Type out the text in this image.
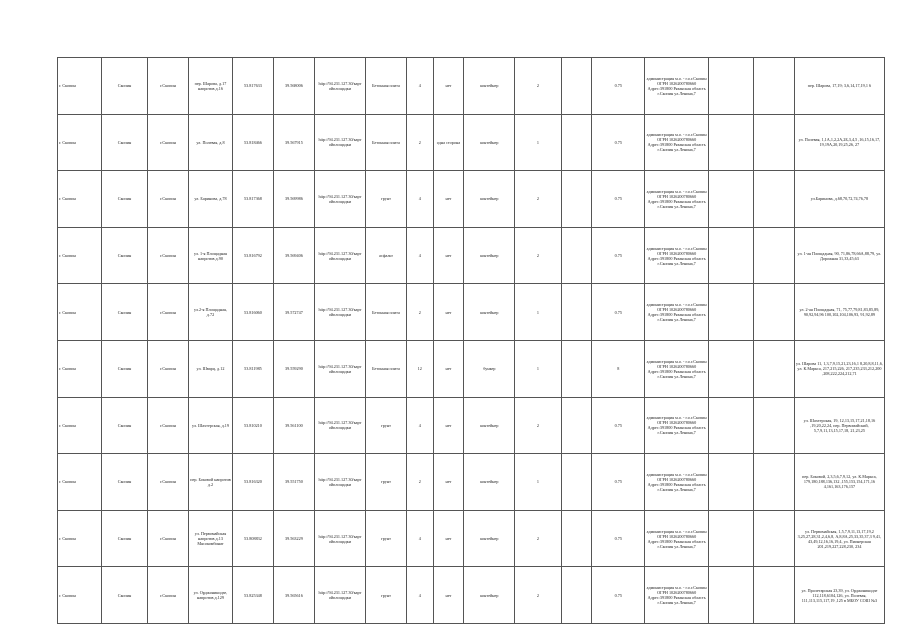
г. Скопин	Скопин	г.Скопин	пер. Шарова, д.17 напротив д.16	53.817633	39.568006	http://94.231.127.30/карт ойплощадки	Бетонная плита	4	нет	контейнер	2		0.75	администрация м.о. - г.о.г.Скопин ОГРН 1026200780660 Адрес:391800 Рязанская область г.Скопин ул.Ленина,7			пер. Шарова, 17,19; 3,6,14,17,19,1 6
г. Скопин	Скопин	г.Скопин	ул. Полевая, д.8	53.818466	39.567915	http://94.231.127.30/карт ойплощадки	Бетонная плита	2	одна сторона	контейнер	1		0.75	администрация м.о. - г.о.г.Скопин ОГРН 1026200780660 Адрес:391800 Рязанская область г.Скопин ул.Ленина,7			ул. Полевая, 1,1А,1,2,2А,2Б,3,4,5 ,16,15,16,17, 19,19А,20,19,25,26, 27
г. Скопин	Скопин	г.Скопин	ул. Баринова, д.78	53.817368	39.569986	http://94.231.127.30/карт ойплощадки	грунт	4	нет	контейнер	2		0.75	администрация м.о. - г.о.г.Скопин ОГРН 1026200780660 Адрес:391800 Рязанская область г.Скопин ул.Ленина,7			ул.Баринова, д.68,70,72,74,76,78
г. Скопин	Скопин	г.Скопин	ул. 1-я Площадная напротив д.90	53.816792	39.569406	http://94.231.127.30/карт ойплощадки	асфальт	4	нет	контейнер	2		0.75	администрация м.о. - г.о.г.Скопин ОГРН 1026200780660 Адрес:391800 Рязанская область г.Скопин ул.Ленина,7			ул. 1-ая Площадная, 90, 71,86,78,66А,88,79, ул. Дорожная 31,33,45,63
г. Скопин	Скопин	г.Скопин	ул.2-я Площадная, д.72	53.816060	39.572747	http://94.231.127.30/карт ойплощадки	Бетонная плита	2	нет	контейнер	1		0.75	администрация м.о. - г.о.г.Скопин ОГРН 1026200780660 Адрес:391800 Рязанская область г.Скопин ул.Ленина,7			ул. 2-ая Площадная, 71, 75,77,79,81,83,85,89, 90,92,94,96 100,102,104,106,93, 91,92,89
г. Скопин	Скопин	г.Скопин	ул. Шварц, д.12	53.811985	39.559290	http://94.231.127.30/карт ойплощадки	Бетонная плита	12	нет	бункер	1		8	администрация м.о. - г.о.г.Скопин ОГРН 1026200780660 Адрес:391800 Рязанская область г.Скопин ул.Ленина,7			ул. Шарова 11, 1,3,7,9,15,21,23,16,1 8,20,8,8,11,6, ул. К.Маркса, 217,215,226, 217,235,233,212,200 ,208,222,224,212,71
г. Скопин	Скопин	г.Скопин	ул. Шахтерская, д.19	53.810210	39.561100	http://94.231.127.30/карт ойплощадки	грунт	4	нет	контейнер	2		0.75	администрация м.о. - г.о.г.Скопин ОГРН 1026200780660 Адрес:391800 Рязанская область г.Скопин ул.Ленина,7			ул. Шахтерская, 19, 12,13,15,17,21,18,16 ,19,20,22,24, пер. Первомайский, 5,7,9,11,13,15,17,18, 21,23,25
г. Скопин	Скопин	г.Скопин	пер. Боковой напротив д.2	53.816320	39.551750	http://94.231.127.30/карт ойплощадки	грунт	2	нет	контейнер	1		0.75	администрация м.о. - г.о.г.Скопин ОГРН 1026200780660 Адрес:391800 Рязанская область г.Скопин ул.Ленина,7			пер. Боковой, 2,3,5,6,7,9,12, ул. К.Маркса, 179,180,188,136,132 ,155,153,154,171,16 4,161,163,176,157
г. Скопин	Скопин	г.Скопин	ул. Первомайская напротив д.13 Мясокомбинат	53.808832	39.563229	http://94.231.127.30/карт ойплощадки	грунт	4	нет	контейнер	2		0.75	администрация м.о. - г.о.г.Скопин ОГРН 1026200780660 Адрес:391800 Рязанская область г.Скопин ул.Ленина,7			ул. Первомайская, 1,5,7,9,11,13,17,19,2 3,25,27,28,31,2,4,6,8, А,8,8А,25,33,35,37,3 9,41, 43,49,12,16,16,19,4, ул. Пионерская 201,219,227,228,230, 234
г. Скопин	Скопин	г.Скопин	ул. Орджоникидзе, напротив д.129	53.825348	39.565616	http://94.231.127.30/карт ойплощадки	грунт	4	нет	контейнер	2		0.75	администрация м.о. - г.о.г.Скопин ОГРН 1026200780660 Адрес:391800 Рязанская область г.Скопин ул.Ленина,7			ул. Пролетарская 23,39, ул. Орджоникидзе 112,118,6104,126, ул. Полевая, 111,113,115,117,19 ,125 в МБОУ СОШ №3
